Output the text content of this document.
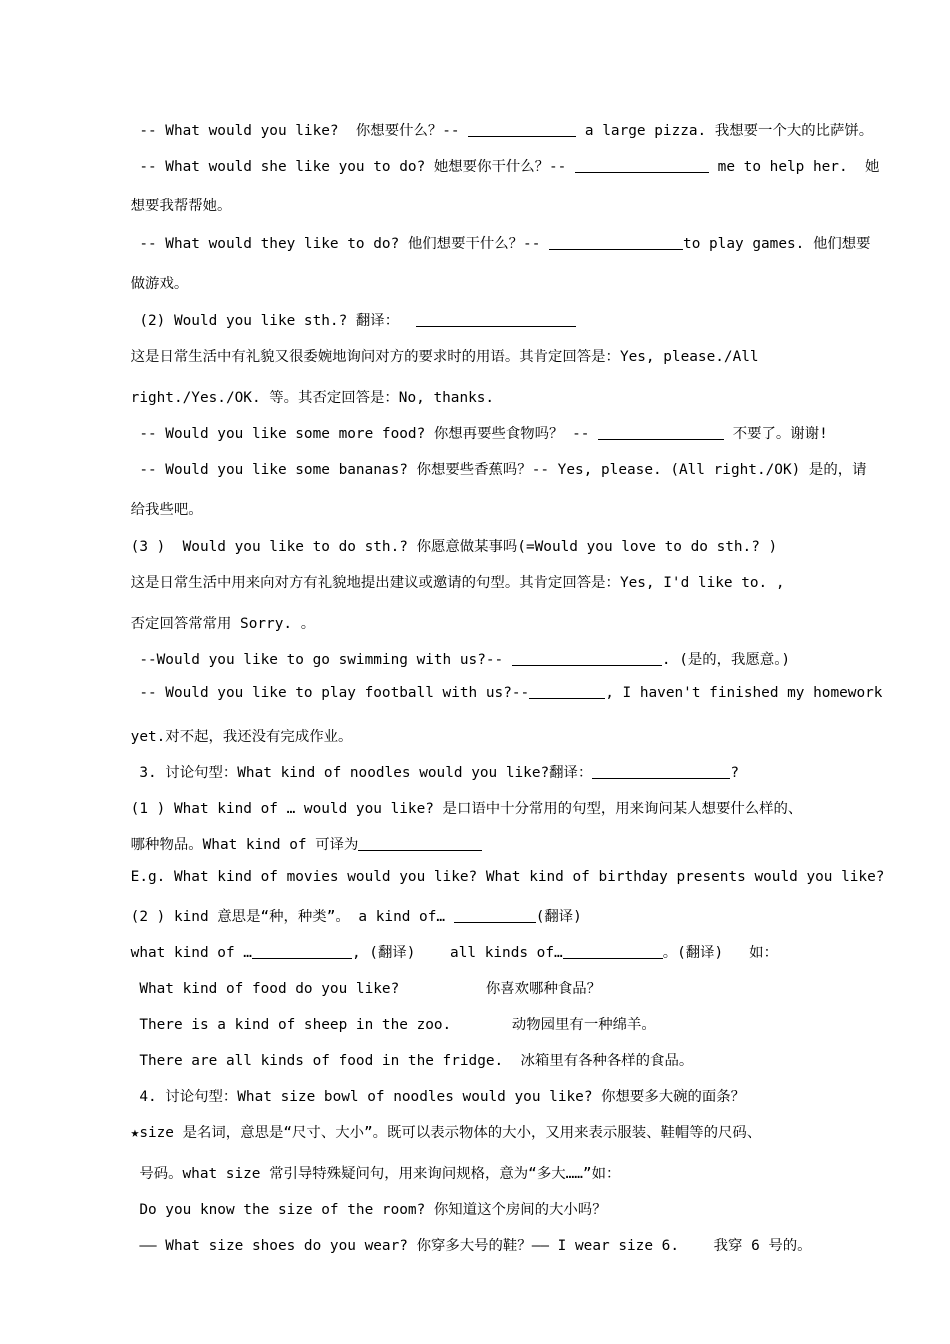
-- What would you like?  你想要什么？--	a large pizza. 我想要一个大的比萨饼。

-- What would she like you to do? 她想要你干什么？--	me to help her.  她

想要我帮帮她。

-- What would they like to do? 他们想要干什么？--	to play games. 他们想要

做游戏。

(2) Would you like sth.? 翻译：

这是日常生活中有礼貌又很委婉地询问对方的要求时的用语。其肯定回答是：Yes, please./All

right./Yes./OK. 等。其否定回答是：No, thanks.

-- Would you like some more food? 你想再要些食物吗？ --	不要了。谢谢!

-- Would you like some bananas? 你想要些香蕉吗？-- Yes, please. (All right./OK) 是的，请

给我些吧。

(3 )  Would you like to do sth.? 你愿意做某事吗(=Would you love to do sth.? )

这是日常生活中用来向对方有礼貌地提出建议或邀请的句型。其肯定回答是：Yes, I'd like to. ,

否定回答常常用 Sorry. 。

--Would you like to go swimming with us?--	. (是的，我愿意。)

-- Would you like to play football with us?--	, I haven't finished my homework

yet.对不起，我还没有完成作业。

3. 讨论句型：What kind of noodles would you like?翻译：	?

(1 ) What kind of … would you like? 是口语中十分常用的句型，用来询问某人想要什么样的、

哪种物品。What kind of 可译为

E.g. What kind of movies would you like? What kind of birthday presents would you like?

(2 ) kind 意思是“种，种类”。 a kind of…	(翻译)

what kind of …	, (翻译)    all kinds of…	。(翻译)   如：

What kind of food do you like?          你喜欢哪种食品？

There is a kind of sheep in the zoo.       动物园里有一种绵羊。

There are all kinds of food in the fridge.  冰箱里有各种各样的食品。

4. 讨论句型：What size bowl of noodles would you like? 你想要多大碗的面条？

★size 是名词，意思是“尺寸、大小”。既可以表示物体的大小，又用来表示服装、鞋帽等的尺码、

号码。what size 常引导特殊疑问句，用来询问规格，意为“多大……”如：

Do you know the size of the room? 你知道这个房间的大小吗？

—— What size shoes do you wear? 你穿多大号的鞋？—— I wear size 6.    我穿 6 号的。
